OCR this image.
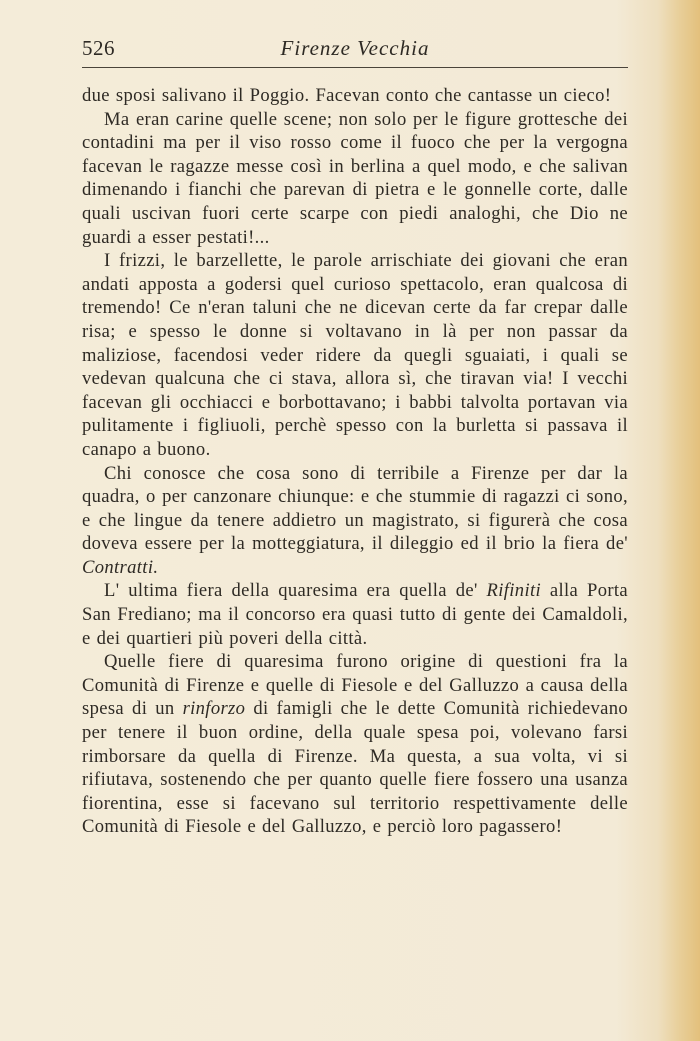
526	Firenze Vecchia

due sposi salivano il Poggio. Facevan conto che cantasse un cieco!

Ma eran carine quelle scene; non solo per le figure grottesche dei contadini ma per il viso rosso come il fuoco che per la vergogna facevan le ragazze messe così in berlina a quel modo, e che salivan dimenando i fianchi che parevan di pietra e le gonnelle corte, dalle quali uscivan fuori certe scarpe con piedi analoghi, che Dio ne guardi a esser pestati!...

I frizzi, le barzellette, le parole arrischiate dei giovani che eran andati apposta a godersi quel curioso spettacolo, eran qualcosa di tremendo! Ce n'eran taluni che ne dicevan certe da far crepar dalle risa; e spesso le donne si voltavano in là per non passar da maliziose, facendosi veder ridere da quegli sguaiati, i quali se vedevan qualcuna che ci stava, allora sì, che tiravan via! I vecchi facevan gli occhiacci e borbottavano; i babbi talvolta portavan via pulitamente i figliuoli, perchè spesso con la burletta si passava il canapo a buono.

Chi conosce che cosa sono di terribile a Firenze per dar la quadra, o per canzonare chiunque: e che stummie di ragazzi ci sono, e che lingue da tenere addietro un magistrato, si figurerà che cosa doveva essere per la motteggiatura, il dileggio ed il brio la fiera de' Contratti.

L' ultima fiera della quaresima era quella de' Rifiniti alla Porta San Frediano; ma il concorso era quasi tutto di gente dei Camaldoli, e dei quartieri più poveri della città.

Quelle fiere di quaresima furono origine di questioni fra la Comunità di Firenze e quelle di Fiesole e del Galluzzo a causa della spesa di un rinforzo di famigli che le dette Comunità richiedevano per tenere il buon ordine, della quale spesa poi, volevano farsi rimborsare da quella di Firenze. Ma questa, a sua volta, vi si rifiutava, sostenendo che per quanto quelle fiere fossero una usanza fiorentina, esse si facevano sul territorio respettivamente delle Comunità di Fiesole e del Galluzzo, e perciò loro pagassero!
